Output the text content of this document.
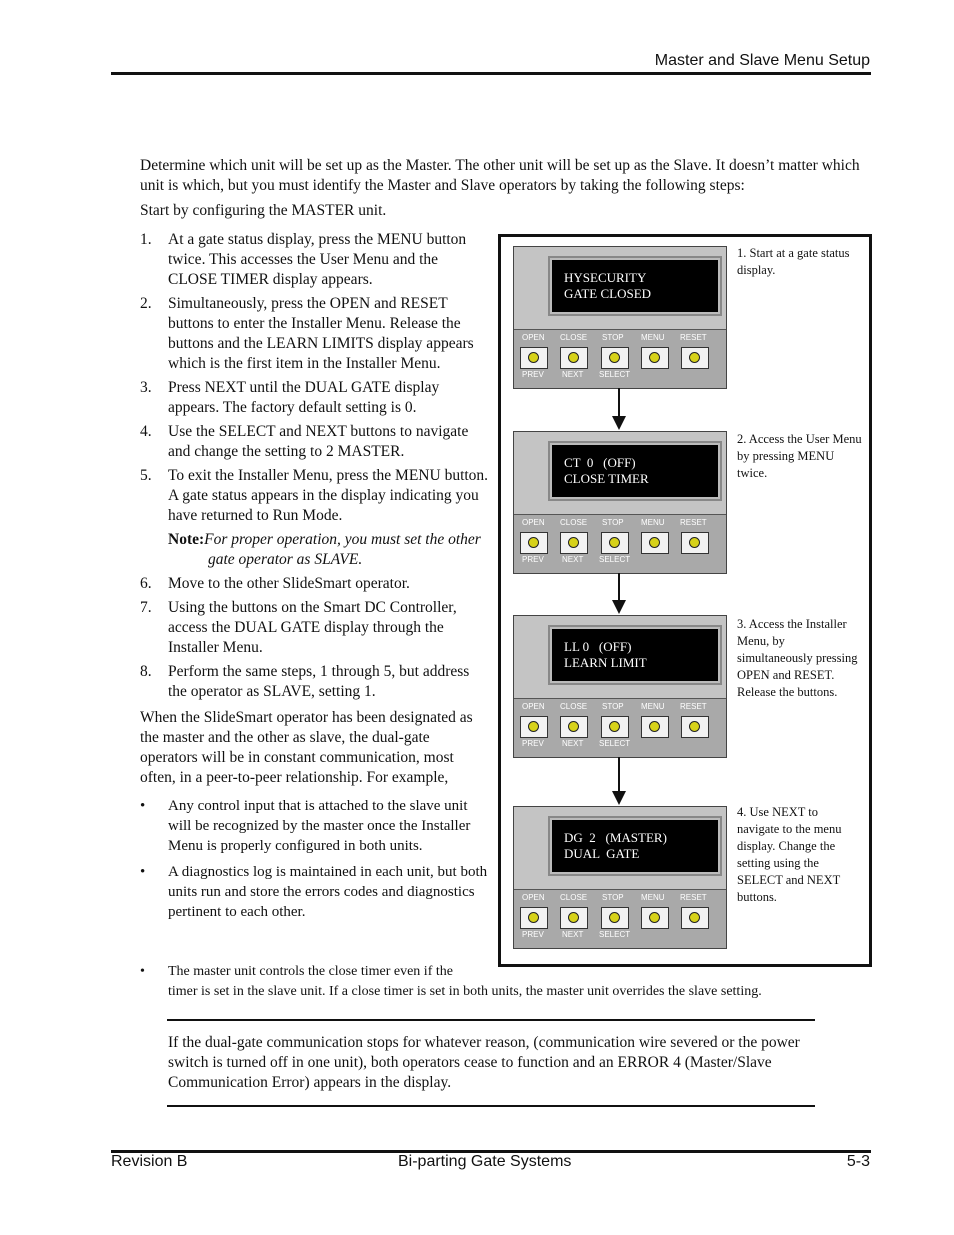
Master and Slave Menu Setup
Determine which unit will be set up as the Master. The other unit will be set up as the Slave. It doesn’t matter which unit is which, but you must identify the Master and Slave operators by taking the following steps:
Start by configuring the MASTER unit.
1. At a gate status display, press the MENU button twice. This accesses the User Menu and the CLOSE TIMER display appears.
2. Simultaneously, press the OPEN and RESET buttons to enter the Installer Menu. Release the buttons and the LEARN LIMITS display appears which is the first item in the Installer Menu.
3. Press NEXT until the DUAL GATE display appears. The factory default setting is 0.
4. Use the SELECT and NEXT buttons to navigate and change the setting to 2 MASTER.
5. To exit the Installer Menu, press the MENU button. A gate status appears in the display indicating you have returned to Run Mode.
Note:For proper operation, you must set the other
gate operator as SLAVE.
6. Move to the other SlideSmart operator.
7. Using the buttons on the Smart DC Controller, access the DUAL GATE display through the Installer Menu.
8. Perform the same steps, 1 through 5, but address the operator as SLAVE, setting 1.
When the SlideSmart operator has been designated as the master and the other as slave, the dual-gate operators will be in constant communication, most often, in a peer-to-peer relationship. For example,
• Any control input that is attached to the slave unit will be recognized by the master once the Installer Menu is properly configured in both units.
• A diagnostics log is maintained in each unit, but both units run and store the errors codes and diagnostics pertinent to each other.
•	The master unit controls the close timer even if the
timer is set in the slave unit. If a close timer is set in both units, the master unit overrides the slave setting.
If the dual-gate communication stops for whatever reason, (communication wire severed or the power switch is turned off in one unit), both operators cease to function and an ERROR 4 (Master/Slave Communication Error) appears in the display.
HYSECURITY
GATE CLOSED
OPEN CLOSE STOP MENU RESET
PREV NEXT SELECT
1. Start at a gate status display.
CT  0   (OFF)
CLOSE TIMER
OPEN CLOSE STOP MENU RESET
PREV NEXT SELECT
2. Access the User Menu by pressing MENU twice.
LL 0   (OFF)
LEARN LIMIT
OPEN CLOSE STOP MENU RESET
PREV NEXT SELECT
3. Access the Installer Menu, by simultaneously pressing OPEN and RESET. Release the buttons.
DG  2   (MASTER)
DUAL  GATE
OPEN CLOSE STOP MENU RESET
PREV NEXT SELECT
4. Use NEXT to navigate to the menu display. Change the setting using the SELECT and NEXT buttons.
Revision B	Bi-parting Gate Systems	5-3
